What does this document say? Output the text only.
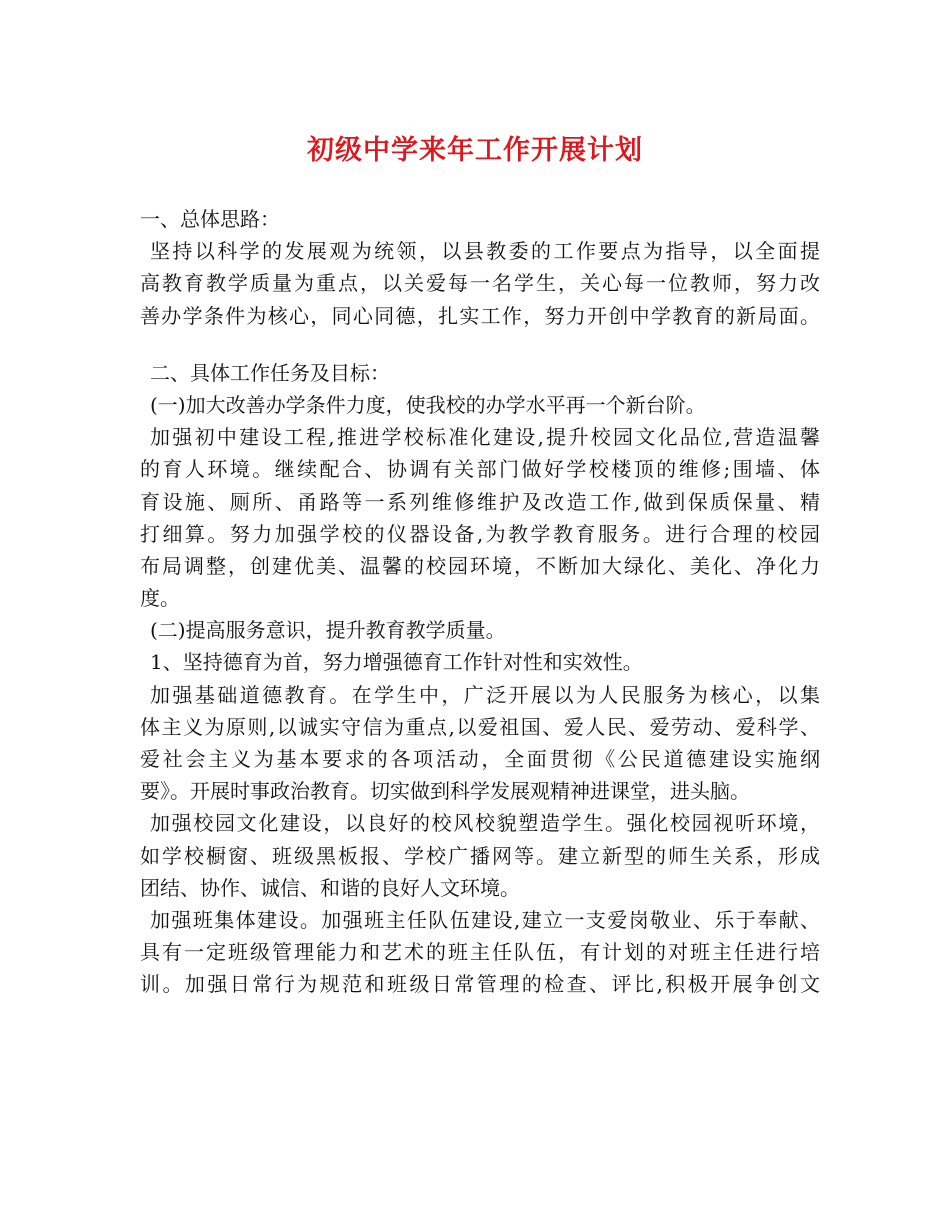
初级中学来年工作开展计划
一、总体思路：
坚持以科学的发展观为统领，以县教委的工作要点为指导，以全面提
高教育教学质量为重点，以关爱每一名学生，关心每一位教师，努力改
善办学条件为核心，同心同德，扎实工作，努力开创中学教育的新局面。
二、具体工作任务及目标：
(一)加大改善办学条件力度，使我校的办学水平再一个新台阶。
加强初中建设工程,推进学校标准化建设,提升校园文化品位,营造温馨
的育人环境。继续配合、协调有关部门做好学校楼顶的维修;围墙、体
育设施、厕所、甬路等一系列维修维护及改造工作,做到保质保量、精
打细算。努力加强学校的仪器设备,为教学教育服务。进行合理的校园
布局调整，创建优美、温馨的校园环境，不断加大绿化、美化、净化力
度。
(二)提高服务意识，提升教育教学质量。
1、坚持德育为首，努力增强德育工作针对性和实效性。
加强基础道德教育。在学生中，广泛开展以为人民服务为核心，以集
体主义为原则,以诚实守信为重点,以爱祖国、爱人民、爱劳动、爱科学、
爱社会主义为基本要求的各项活动，全面贯彻《公民道德建设实施纲
要》。开展时事政治教育。切实做到科学发展观精神进课堂，进头脑。
加强校园文化建设，以良好的校风校貌塑造学生。强化校园视听环境，
如学校橱窗、班级黑板报、学校广播网等。建立新型的师生关系，形成
团结、协作、诚信、和谐的良好人文环境。
加强班集体建设。加强班主任队伍建设,建立一支爱岗敬业、乐于奉献、
具有一定班级管理能力和艺术的班主任队伍，有计划的对班主任进行培
训。加强日常行为规范和班级日常管理的检查、评比,积极开展争创文
